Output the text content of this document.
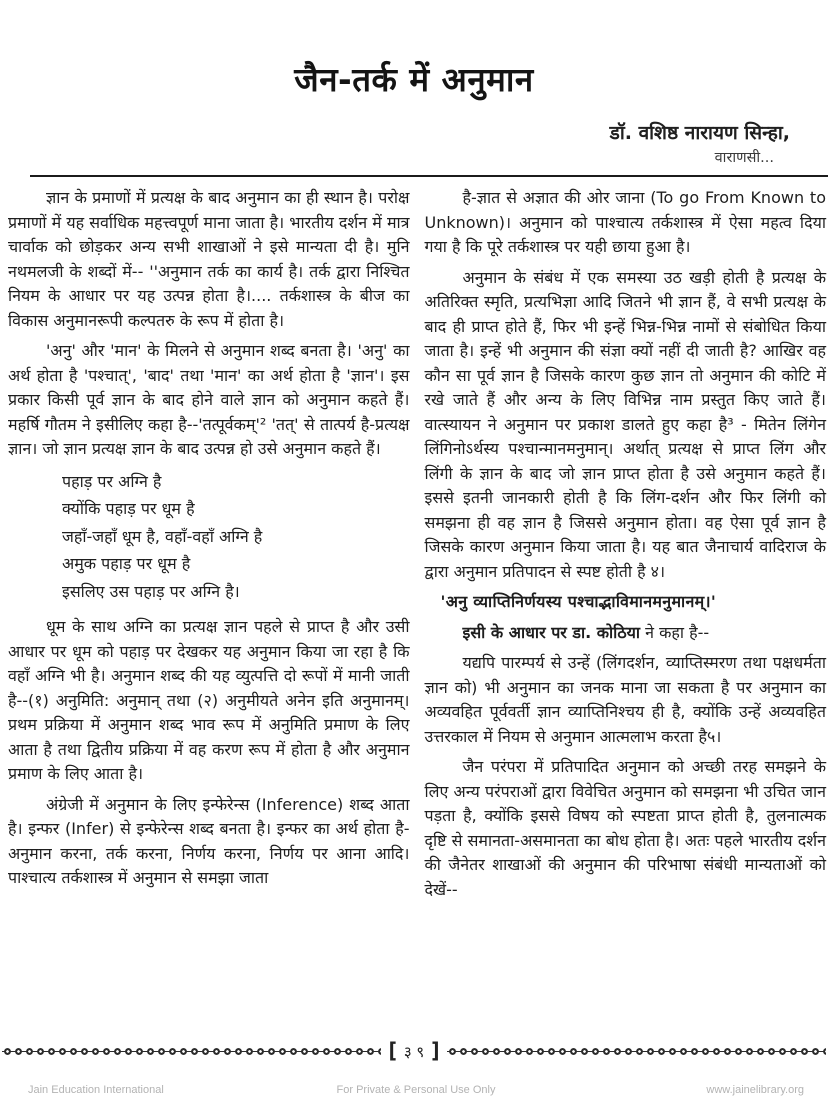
जैन-तर्क में अनुमान
डॉ. वशिष्ठ नारायण सिन्हा,
वाराणसी...

ज्ञान के प्रमाणों में प्रत्यक्ष के बाद अनुमान का ही स्थान है। परोक्ष प्रमाणों में यह सर्वाधिक महत्त्वपूर्ण माना जाता है। भारतीय दर्शन में मात्र चार्वाक को छोड़कर अन्य सभी शाखाओं ने इसे मान्यता दी है। मुनि नथमलजी के शब्दों में-- ''अनुमान तर्क का कार्य है। तर्क द्वारा निश्चित नियम के आधार पर यह उत्पन्न होता है।.... तर्कशास्त्र के बीज का विकास अनुमानरूपी कल्पतरु के रूप में होता है।

'अनु' और 'मान' के मिलने से अनुमान शब्द बनता है। 'अनु' का अर्थ होता है 'पश्चात्', 'बाद' तथा 'मान' का अर्थ होता है 'ज्ञान'। इस प्रकार किसी पूर्व ज्ञान के बाद होने वाले ज्ञान को अनुमान कहते हैं। महर्षि गौतम ने इसीलिए कहा है--'तत्पूर्वकम्'² 'तत्' से तात्पर्य है-प्रत्यक्ष ज्ञान। जो ज्ञान प्रत्यक्ष ज्ञान के बाद उत्पन्न हो उसे अनुमान कहते हैं।

पहाड़ पर अग्नि है
क्योंकि पहाड़ पर धूम है
जहाँ-जहाँ धूम है, वहाँ-वहाँ अग्नि है
अमुक पहाड़ पर धूम है
इसलिए उस पहाड़ पर अग्नि है।

धूम के साथ अग्नि का प्रत्यक्ष ज्ञान पहले से प्राप्त है और उसी आधार पर धूम को पहाड़ पर देखकर यह अनुमान किया जा रहा है कि वहाँ अग्नि भी है। अनुमान शब्द की यह व्युत्पत्ति दो रूपों में मानी जाती है--(१) अनुमिति: अनुमान् तथा (२) अनुमीयते अनेन इति अनुमानम्। प्रथम प्रक्रिया में अनुमान शब्द भाव रूप में अनुमिति प्रमाण के लिए आता है तथा द्वितीय प्रक्रिया में वह करण रूप में होता है और अनुमान प्रमाण के लिए आता है।

अंग्रेजी में अनुमान के लिए इन्फेरेन्स (Inference) शब्द आता है। इन्फर (Infer) से इन्फेरेन्स शब्द बनता है। इन्फर का अर्थ होता है-अनुमान करना, तर्क करना, निर्णय करना, निर्णय पर आना आदि। पाश्चात्य तर्कशास्त्र में अनुमान से समझा जाता

है-ज्ञात से अज्ञात की ओर जाना (To go From Known to Unknown)। अनुमान को पाश्चात्य तर्कशास्त्र में ऐसा महत्व दिया गया है कि पूरे तर्कशास्त्र पर यही छाया हुआ है।

अनुमान के संबंध में एक समस्या उठ खड़ी होती है प्रत्यक्ष के अतिरिक्त स्मृति, प्रत्यभिज्ञा आदि जितने भी ज्ञान हैं, वे सभी प्रत्यक्ष के बाद ही प्राप्त होते हैं, फिर भी इन्हें भिन्न-भिन्न नामों से संबोधित किया जाता है। इन्हें भी अनुमान की संज्ञा क्यों नहीं दी जाती है? आखिर वह कौन सा पूर्व ज्ञान है जिसके कारण कुछ ज्ञान तो अनुमान की कोटि में रखे जाते हैं और अन्य के लिए विभिन्न नाम प्रस्तुत किए जाते हैं। वात्स्यायन ने अनुमान पर प्रकाश डालते हुए कहा है³ - मितेन लिंगेन लिंगिनोऽर्थस्य पश्चान्मानमनुमान्। अर्थात् प्रत्यक्ष से प्राप्त लिंग और लिंगी के ज्ञान के बाद जो ज्ञान प्राप्त होता है उसे अनुमान कहते हैं। इससे इतनी जानकारी होती है कि लिंग-दर्शन और फिर लिंगी को समझना ही वह ज्ञान है जिससे अनुमान होता। वह ऐसा पूर्व ज्ञान है जिसके कारण अनुमान किया जाता है। यह बात जैनाचार्य वादिराज के द्वारा अनुमान प्रतिपादन से स्पष्ट होती है ४।

'अनु व्याप्तिनिर्णयस्य पश्चाद्भाविमानमनुमानम्।'

इसी के आधार पर डा. कोठिया ने कहा है--

यद्यपि पारम्पर्य से उन्हें (लिंगदर्शन, व्याप्तिस्मरण तथा पक्षधर्मता ज्ञान को) भी अनुमान का जनक माना जा सकता है पर अनुमान का अव्यवहित पूर्ववर्ती ज्ञान व्याप्तिनिश्चय ही है, क्योंकि उन्हें अव्यवहित उत्तरकाल में नियम से अनुमान आत्मलाभ करता है५।

जैन परंपरा में प्रतिपादित अनुमान को अच्छी तरह समझने के लिए अन्य परंपराओं द्वारा विवेचित अनुमान को समझना भी उचित जान पड़ता है, क्योंकि इससे विषय को स्पष्टता प्राप्त होती है, तुलनात्मक दृष्टि से समानता-असमानता का बोध होता है। अतः पहले भारतीय दर्शन की जैनेतर शाखाओं की अनुमान की परिभाषा संबंधी मान्यताओं को देखें--

[ ३ ९ ]
For Private & Personal Use Only
Jain Education International	www.jainelibrary.org
